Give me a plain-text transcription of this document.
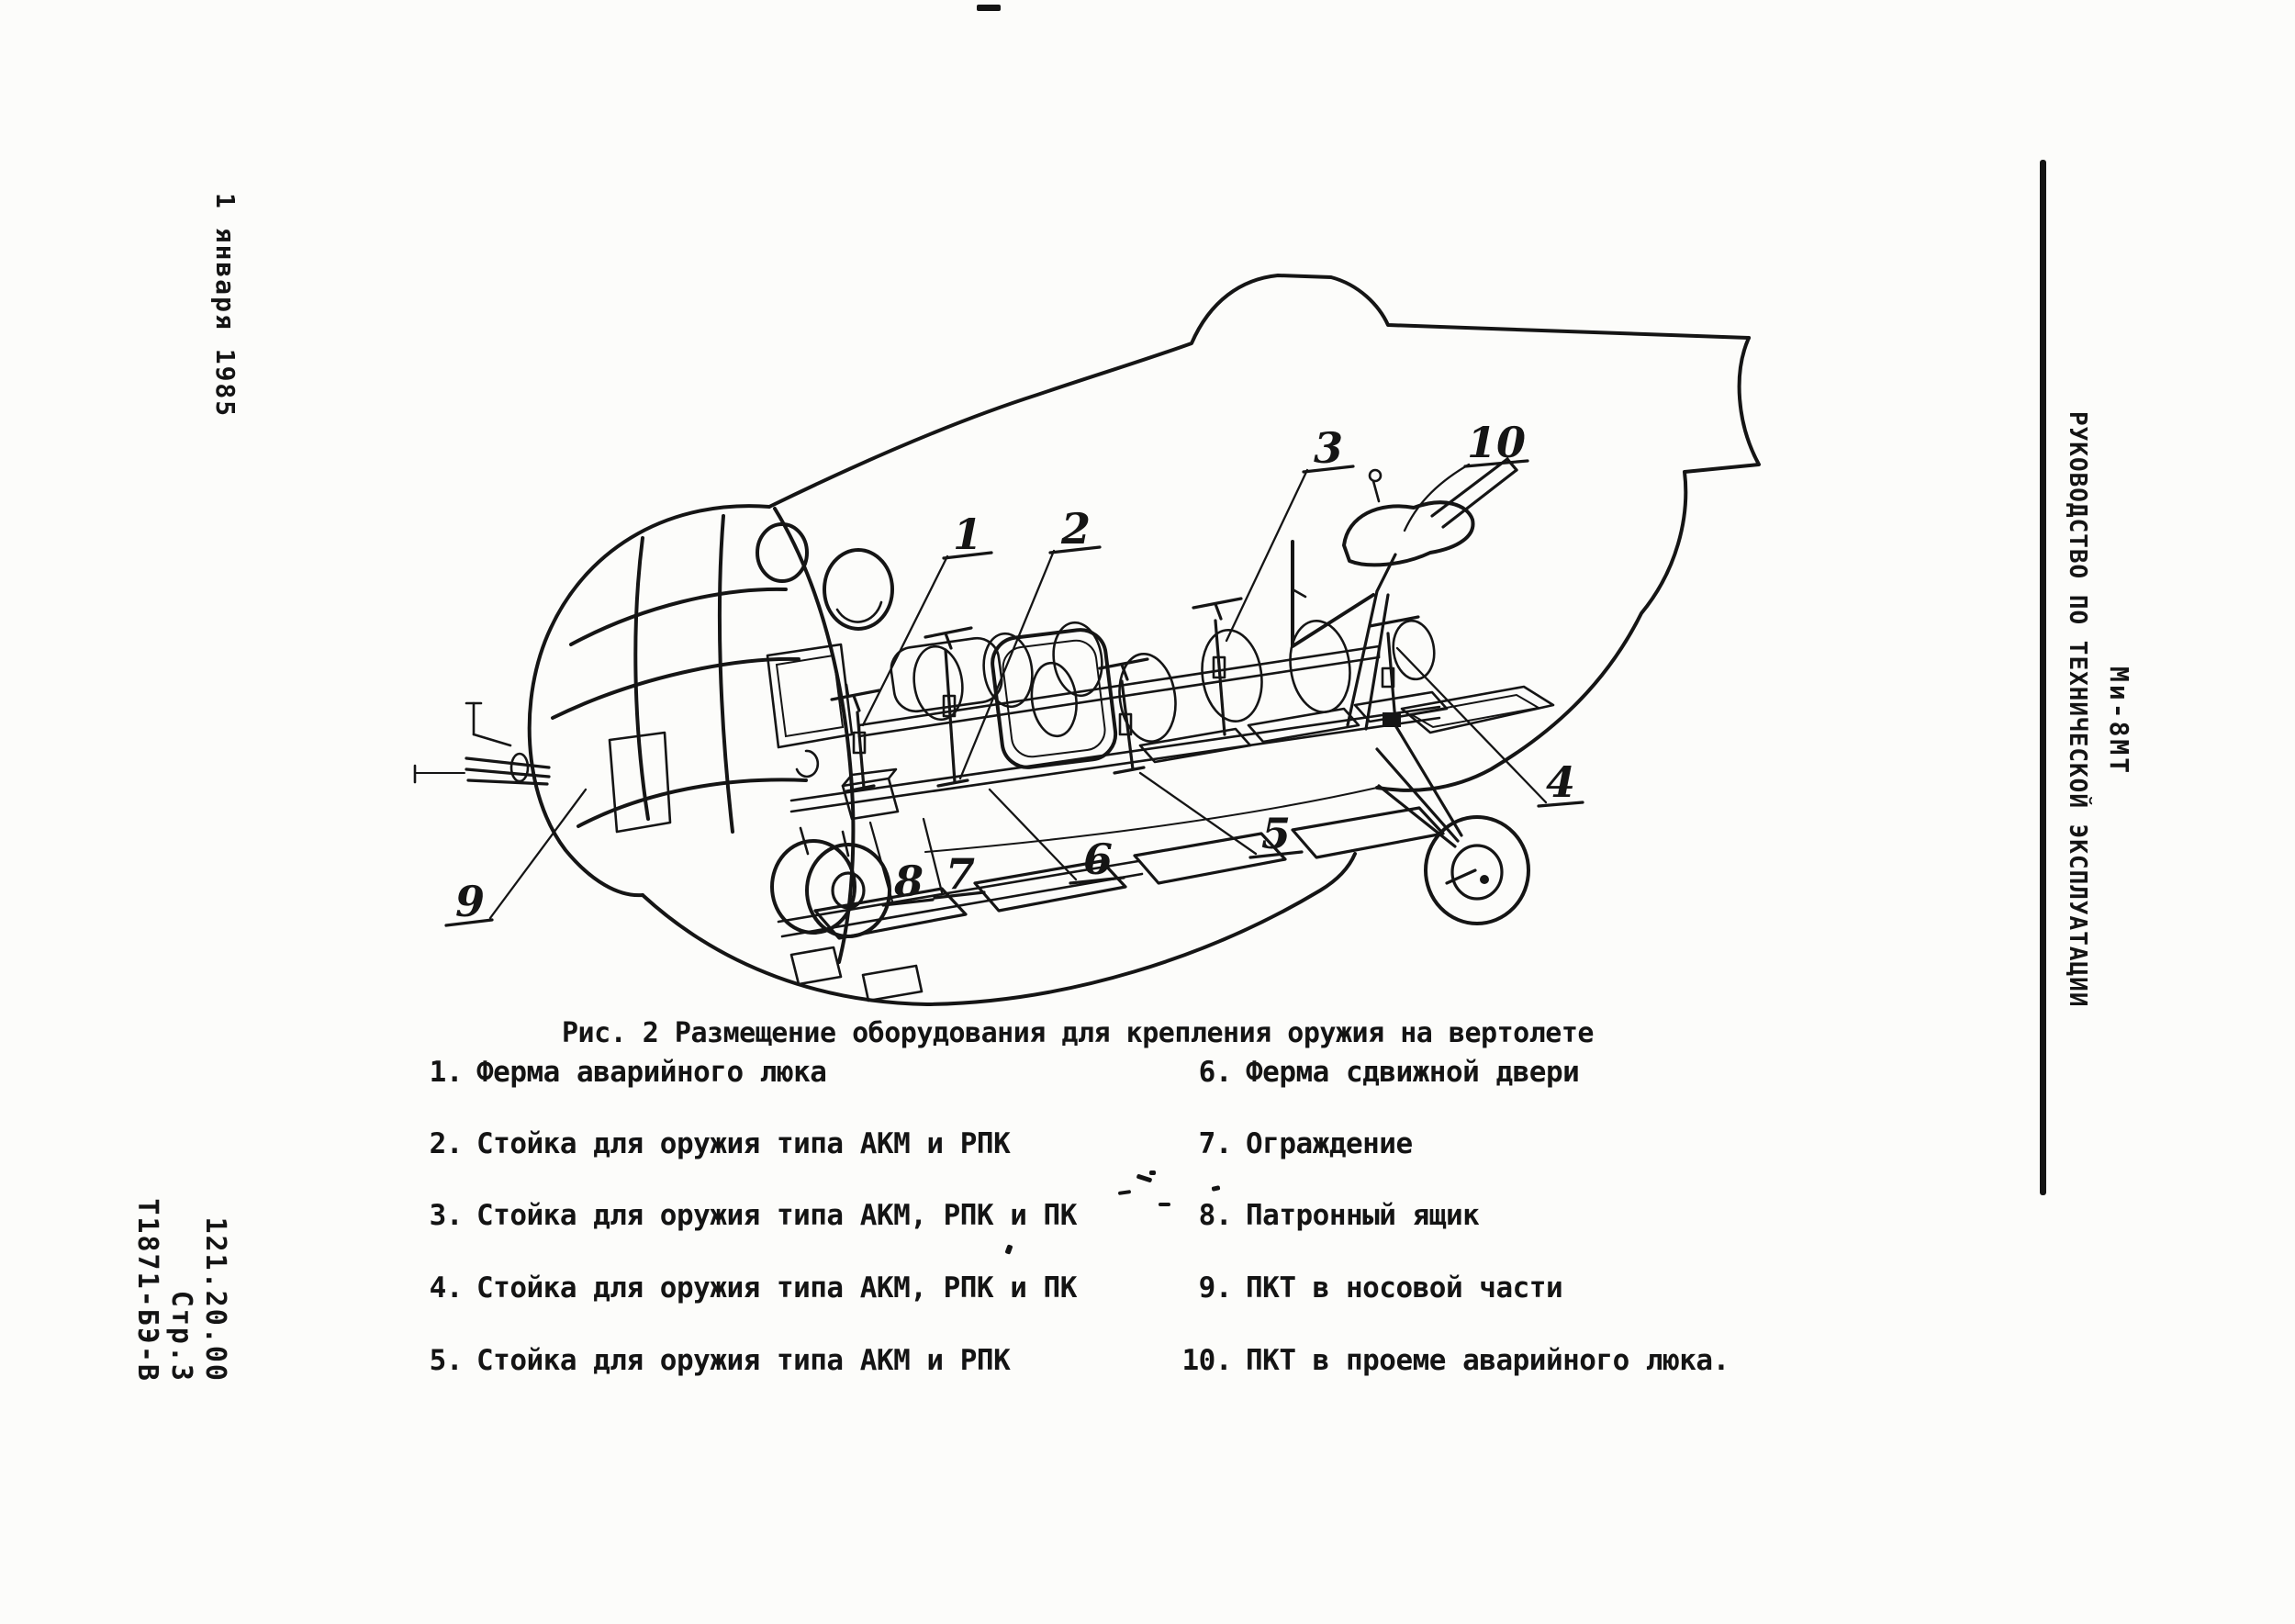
1 января 1985
121.20.00
Стр.3
Т1871-БЭ-В
РУКОВОДСТВО ПО ТЕХНИЧЕСКОЙ ЭКСПЛУАТАЦИИ Ми-8МТ
1 2
3	10
4
5
6
7
8
9
Рис. 2 Размещение оборудования для крепления оружия на вертолете
1. Ферма аварийного люка
2. Стойка для оружия типа АКМ и РПК
3. Стойка для оружия типа АКМ, РПК и ПК
4. Стойка для оружия типа АКМ, РПК и ПК
5. Стойка для оружия типа АКМ и РПК
6. Ферма сдвижной двери
7. Ограждение
8. Патронный ящик
9. ПКТ в носовой части
10. ПКТ в проеме аварийного люка.
